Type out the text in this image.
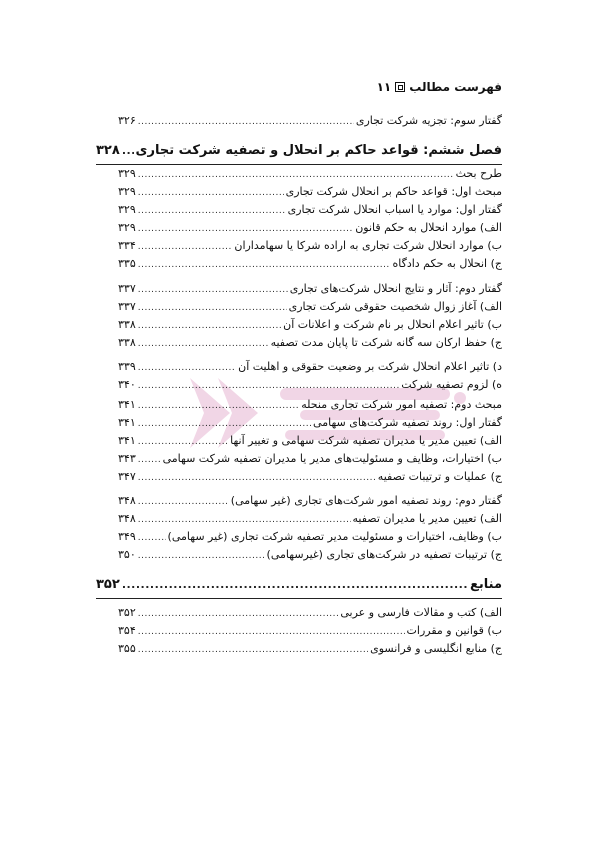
فهرست مطالب
۱۱
گفتار سوم: تجزیه شرکت تجاری
.....
۳۲۶
فصل ششم: قواعد حاکم بر انحلال و تصفیه شرکت تجاری
.....
۳۲۸
طرح بحث
.....
۳۲۹
مبحث اول: قواعد حاکم بر انحلال شرکت تجاری
.....
۳۲۹
گفتار اول: موارد یا اسباب انحلال شرکت تجاری
.....
۳۲۹
الف) موارد انحلال به حکم قانون
.....
۳۲۹
ب) موارد انحلال شرکت تجاری به اراده شرکا یا سهامداران
.....
۳۳۴
ج) انحلال به حکم دادگاه
.....
۳۳۵
گفتار دوم: آثار و نتایج انحلال شرکت‌های تجاری
.....
۳۳۷
الف) آغاز زوال شخصیت حقوقی شرکت تجاری
.....
۳۳۷
ب) تاثیر اعلام انحلال بر نام شرکت و اعلانات آن
.....
۳۳۸
ج) حفظ ارکان سه گانه شرکت تا پایان مدت تصفیه
.....
۳۳۸
د) تاثیر اعلام انحلال شرکت بر وضعیت حقوقی و اهلیت آن
.....
۳۳۹
ه) لزوم تصفیه شرکت
.....
۳۴۰
مبحث دوم: تصفیه امور شرکت تجاری منحله
.....
۳۴۱
گفتار اول: روند تصفیه شرکت‌های سهامی
.....
۳۴۱
الف) تعیین مدیر یا مدیران تصفیه شرکت سهامی و تغییر آنها
.....
۳۴۱
ب) اختیارات، وظایف و مسئولیت‌های مدیر یا مدیران تصفیه شرکت سهامی
.....
۳۴۳
ج) عملیات و ترتیبات تصفیه
.....
۳۴۷
گفتار دوم: روند تصفیه امور شرکت‌های تجاری (غیر سهامی)
.....
۳۴۸
الف) تعیین مدیر یا مدیران تصفیه
.....
۳۴۸
ب) وظایف، اختیارات و مسئولیت مدیر تصفیه شرکت تجاری (غیر سهامی)
.....
۳۴۹
ج) ترتیبات تصفیه در شرکت‌های تجاری (غیرسهامی)
.....
۳۵۰
منابع
.....
۳۵۲
الف) کتب و مقالات فارسی و عربی
.....
۳۵۲
ب) قوانین و مقررات
.....
۳۵۴
ج) منابع انگلیسی و فرانسوی
.....
۳۵۵
